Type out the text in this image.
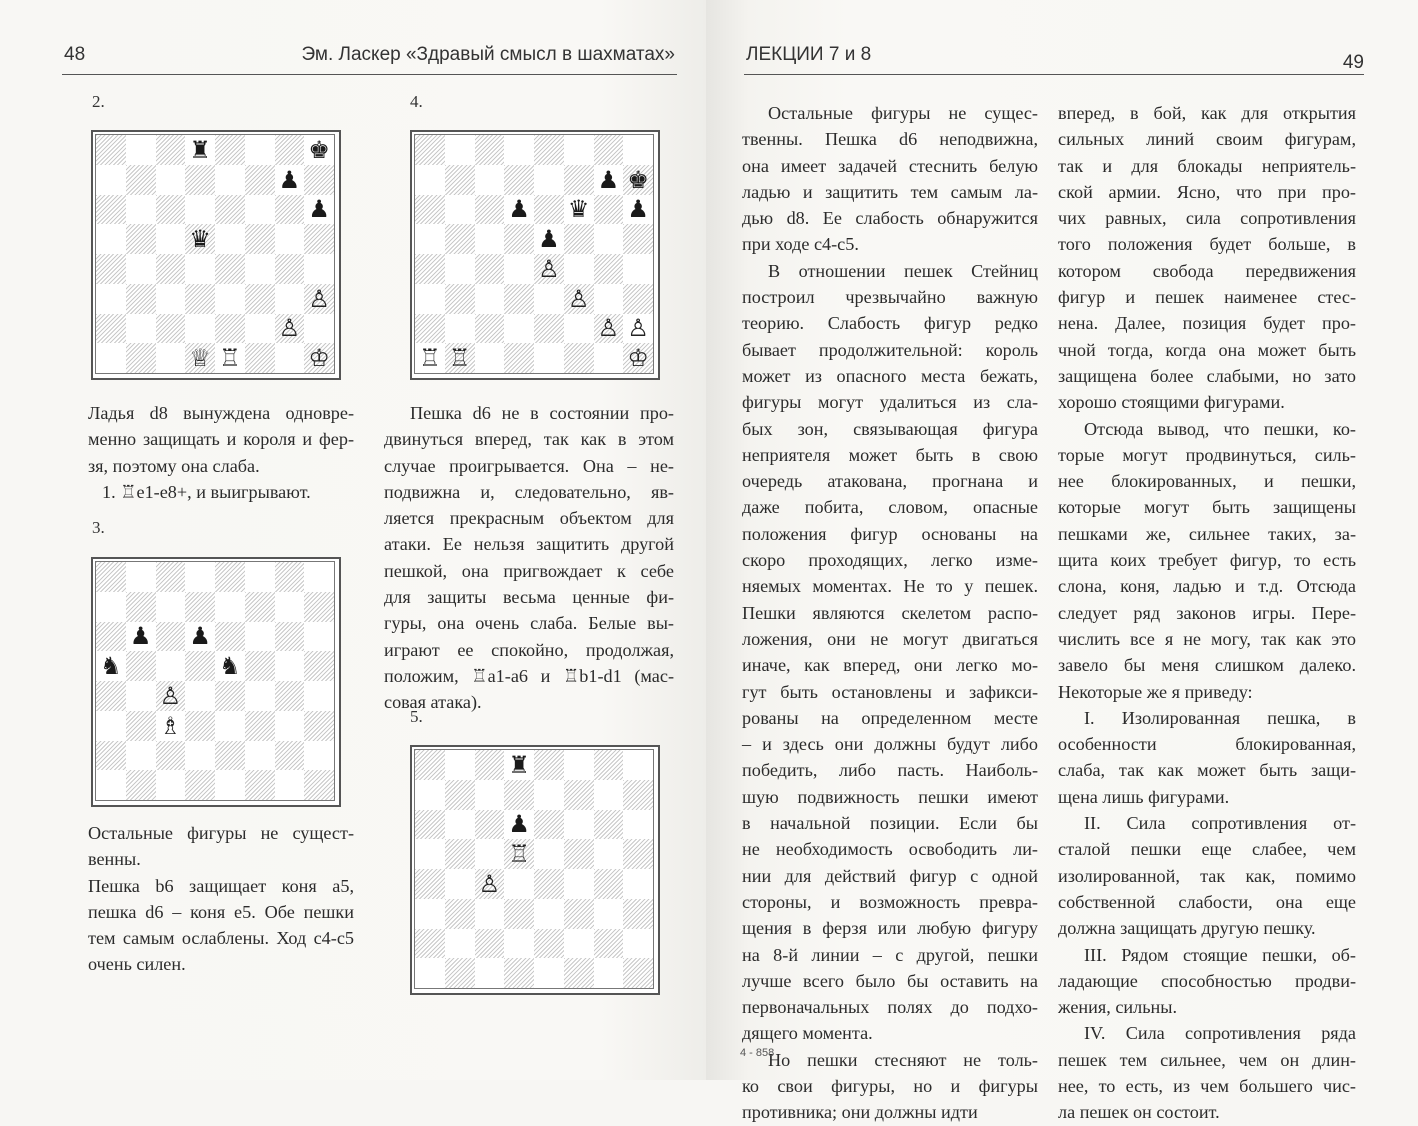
48	Эм. Ласкер «Здравый смысл в шахматах»
2.
♜	♚
♟
♟
♛
♙
♙
♕ ♖	♔
4.
♟ ♚
♟ ♛ ♟
♟
♙
♙
♙ ♙
♖ ♖	♔
Ладья d8 вынуждена одновре-
менно защищать и короля и фер-
зя, поэтому она слаба.
1. ♖e1-e8+, и выигрывают.
3.
♟ ♟
♞	♞
♙
♗
Пешка d6 не в состоянии про-
двинуться вперед, так как в этом
случае проигрывается. Она – не-
подвижна и, следовательно, яв-
ляется прекрасным объектом для
атаки. Ее нельзя защитить другой
пешкой, она пригвождает к себе
для защиты весьма ценные фи-
гуры, она очень слаба. Белые вы-
играют ее спокойно, продолжая,
положим, ♖a1-a6 и ♖b1-d1 (мас-
совая атака).
5.
♜
♟
♖
♙
Остальные фигуры не сущест-
венны.
Пешка b6 защищает коня a5,
пешка d6 – коня e5. Обе пешки
тем самым ослаблены. Ход c4-c5
очень силен.
ЛЕКЦИИ 7 и 8	49
Остальные фигуры не сущес-
твенны. Пешка d6 неподвижна,
она имеет задачей стеснить белую
ладью и защитить тем самым ла-
дью d8. Ее слабость обнаружится
при ходе c4-c5.
В отношении пешек Стейниц
построил чрезвычайно важную
теорию. Слабость фигур редко
бывает продолжительной: король
может из опасного места бежать,
фигуры могут удалиться из сла-
бых зон, связывающая фигура
неприятеля может быть в свою
очередь атакована, прогнана и
даже побита, словом, опасные
положения фигур основаны на
скоро проходящих, легко изме-
няемых моментах. Не то у пешек.
Пешки являются скелетом распо-
ложения, они не могут двигаться
иначе, как вперед, они легко мо-
гут быть остановлены и зафикси-
рованы на определенном месте
– и здесь они должны будут либо
победить, либо пасть. Наиболь-
шую подвижность пешки имеют
в начальной позиции. Если бы
не необходимость освободить ли-
нии для действий фигур с одной
стороны, и возможность превра-
щения в ферзя или любую фигуру
на 8-й линии – с другой, пешки
лучше всего было бы оставить на
первоначальных полях до подхо-
дящего момента.
Но пешки стесняют не толь-
ко свои фигуры, но и фигуры
противника; они должны идти
вперед, в бой, как для открытия
сильных линий своим фигурам,
так и для блокады неприятель-
ской армии. Ясно, что при про-
чих равных, сила сопротивления
того положения будет больше, в
котором свобода передвижения
фигур и пешек наименее стес-
нена. Далее, позиция будет про-
чной тогда, когда она может быть
защищена более слабыми, но зато
хорошо стоящими фигурами.
Отсюда вывод, что пешки, ко-
торые могут продвинуться, силь-
нее блокированных, и пешки,
которые могут быть защищены
пешками же, сильнее таких, за-
щита коих требует фигур, то есть
слона, коня, ладью и т.д. Отсюда
следует ряд законов игры. Пере-
числить все я не могу, так как это
завело бы меня слишком далеко.
Некоторые же я приведу:
I. Изолированная пешка, в
особенности блокированная,
слаба, так как может быть защи-
щена лишь фигурами.
II. Сила сопротивления от-
сталой пешки еще слабее, чем
изолированной, так как, помимо
собственной слабости, она еще
должна защищать другую пешку.
III. Рядом стоящие пешки, об-
ладающие способностью продви-
жения, сильны.
IV. Сила сопротивления ряда
пешек тем сильнее, чем он длин-
нее, то есть, из чем большего чис-
ла пешек он состоит.
4 - 858
